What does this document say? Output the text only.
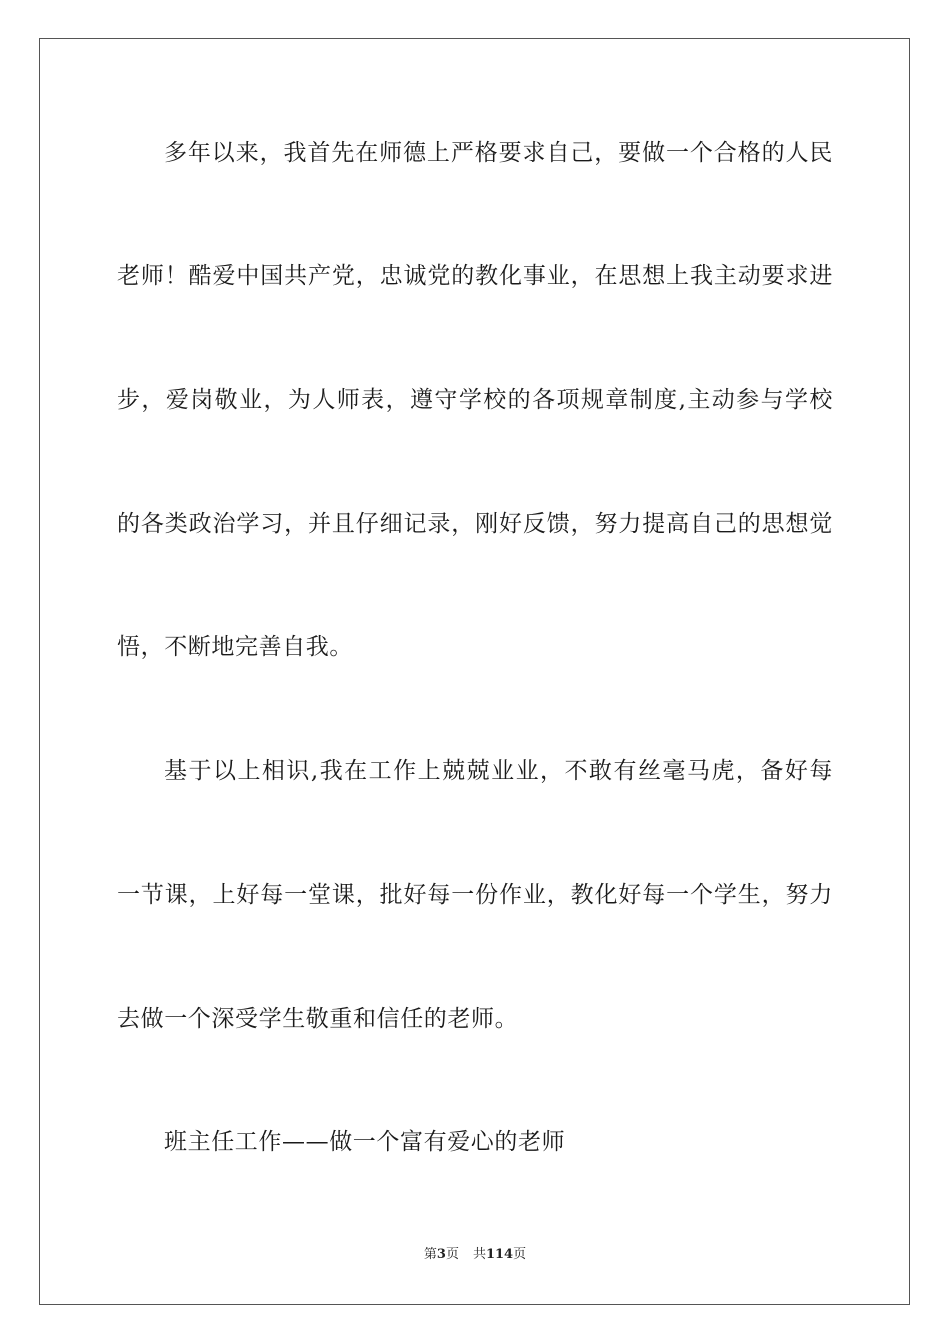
多年以来，我首先在师德上严格要求自己，要做一个合格的人民
老师！酷爱中国共产党，忠诚党的教化事业，在思想上我主动要求进
步，爱岗敬业，为人师表，遵守学校的各项规章制度,主动参与学校
的各类政治学习，并且仔细记录，刚好反馈，努力提高自己的思想觉
悟，不断地完善自我。
基于以上相识,我在工作上兢兢业业，不敢有丝毫马虎，备好每
一节课，上好每一堂课，批好每一份作业，教化好每一个学生，努力
去做一个深受学生敬重和信任的老师。
班主任工作——做一个富有爱心的老师
第3页 共114页
